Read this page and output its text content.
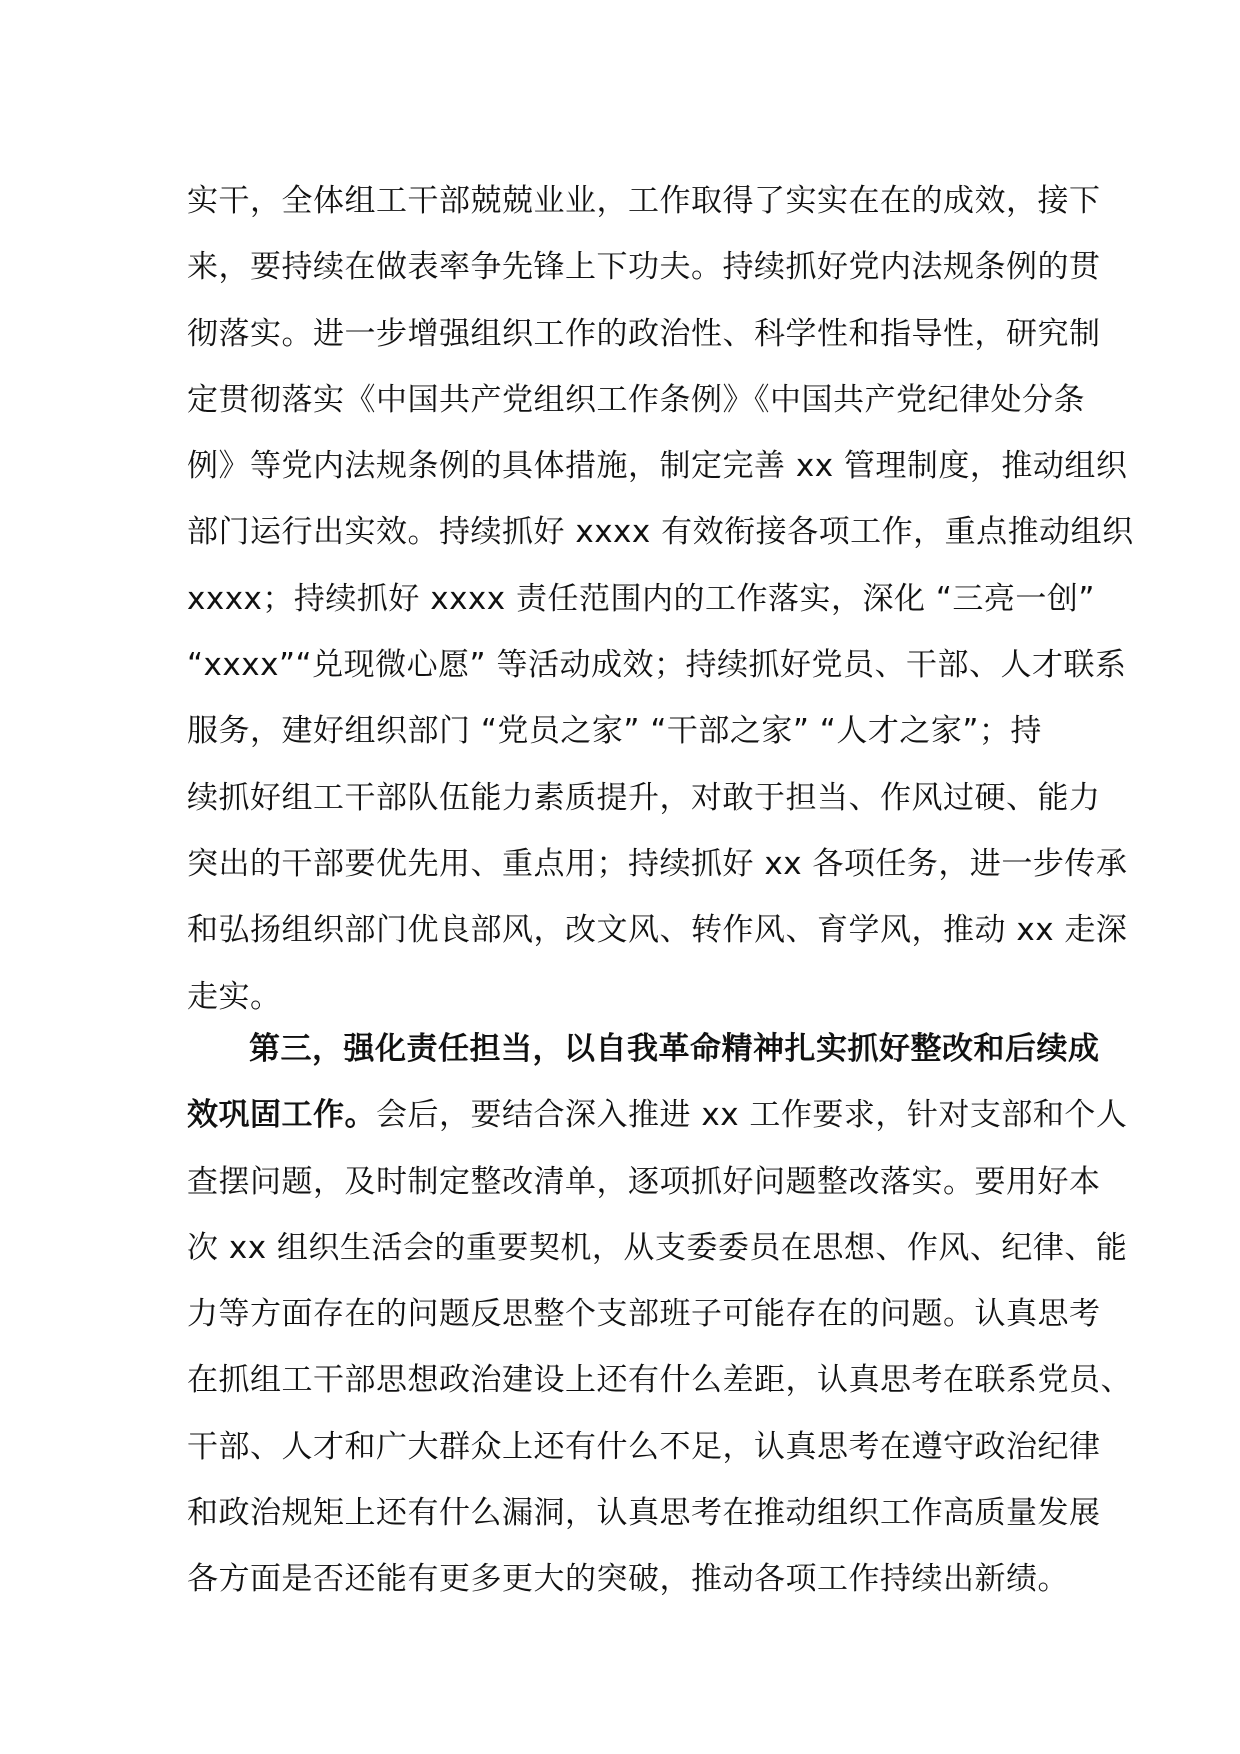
实干，全体组工干部兢兢业业，工作取得了实实在在的成效，接下
来，要持续在做表率争先锋上下功夫。持续抓好党内法规条例的贯
彻落实。进一步增强组织工作的政治性、科学性和指导性，研究制
定贯彻落实《中国共产党组织工作条例》《中国共产党纪律处分条
例》等党内法规条例的具体措施，制定完善 xx 管理制度，推动组织
部门运行出实效。持续抓好 xxxx 有效衔接各项工作，重点推动组织
xxxx；持续抓好 xxxx 责任范围内的工作落实，深化 “三亮一创”
“xxxx”“兑现微心愿” 等活动成效；持续抓好党员、干部、人才联系
服务，建好组织部门 “党员之家” “干部之家” “人才之家”；持
续抓好组工干部队伍能力素质提升，对敢于担当、作风过硬、能力
突出的干部要优先用、重点用；持续抓好 xx 各项任务，进一步传承
和弘扬组织部门优良部风，改文风、转作风、育学风，推动 xx 走深
走实。
第三，强化责任担当，以自我革命精神扎实抓好整改和后续成
效巩固工作。会后，要结合深入推进 xx 工作要求，针对支部和个人
查摆问题，及时制定整改清单，逐项抓好问题整改落实。要用好本
次 xx 组织生活会的重要契机，从支委委员在思想、作风、纪律、能
力等方面存在的问题反思整个支部班子可能存在的问题。认真思考
在抓组工干部思想政治建设上还有什么差距，认真思考在联系党员、
干部、人才和广大群众上还有什么不足，认真思考在遵守政治纪律
和政治规矩上还有什么漏洞，认真思考在推动组织工作高质量发展
各方面是否还能有更多更大的突破，推动各项工作持续出新绩。
